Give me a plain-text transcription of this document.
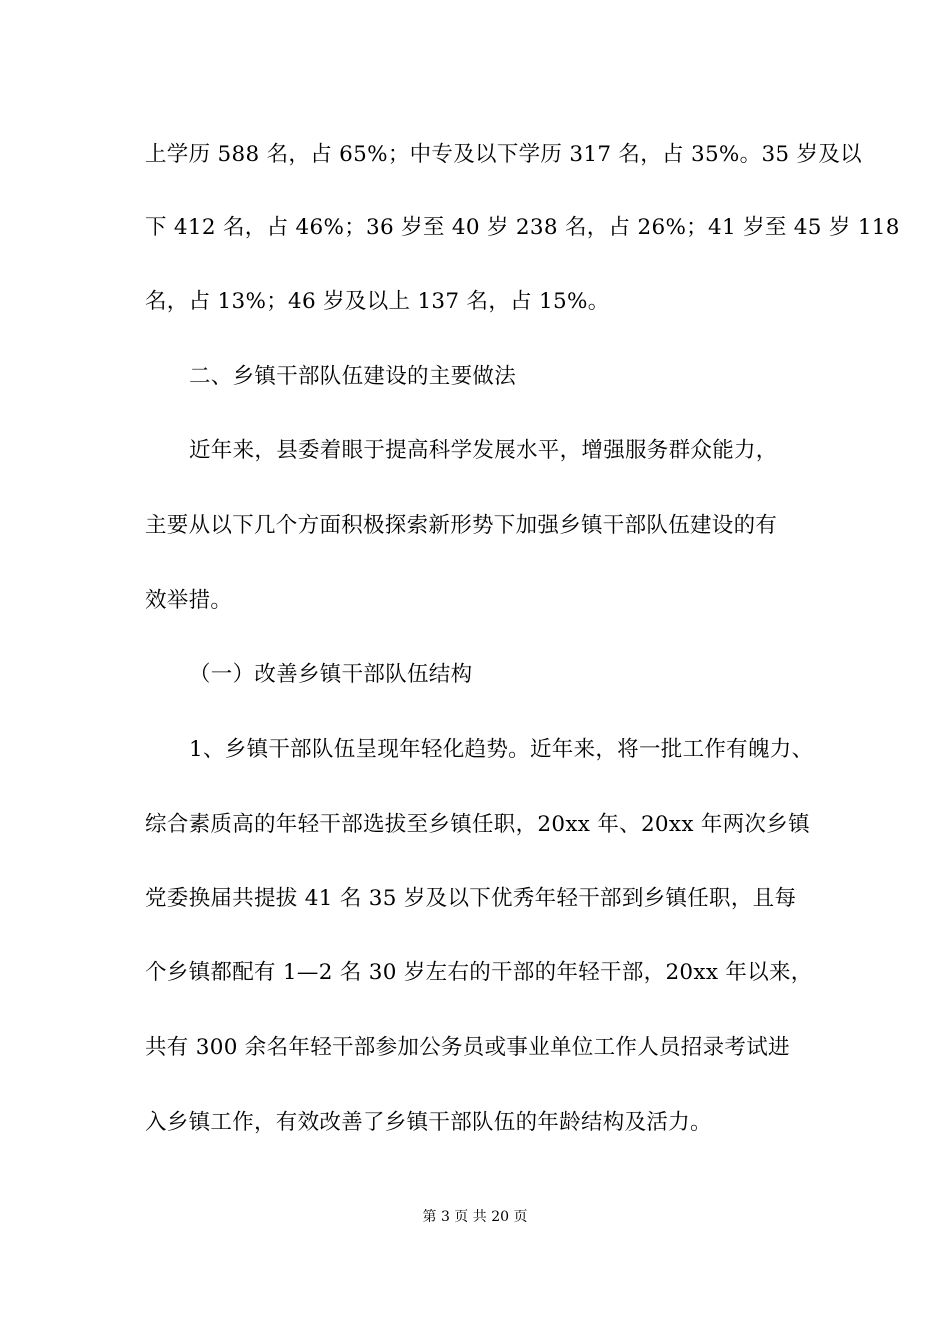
上学历 588 名，占 65%；中专及以下学历 317 名，占 35%。35 岁及以
下 412 名，占 46%；36 岁至 40 岁 238 名，占 26%；41 岁至 45 岁 118
名，占 13%；46 岁及以上 137 名，占 15%。
二、乡镇干部队伍建设的主要做法
近年来，县委着眼于提高科学发展水平，增强服务群众能力，
主要从以下几个方面积极探索新形势下加强乡镇干部队伍建设的有
效举措。
（一）改善乡镇干部队伍结构
1、乡镇干部队伍呈现年轻化趋势。近年来，将一批工作有魄力、
综合素质高的年轻干部选拔至乡镇任职，20xx 年、20xx 年两次乡镇
党委换届共提拔 41 名 35 岁及以下优秀年轻干部到乡镇任职，且每
个乡镇都配有 1—2 名 30 岁左右的干部的年轻干部，20xx 年以来，
共有 300 余名年轻干部参加公务员或事业单位工作人员招录考试进
入乡镇工作，有效改善了乡镇干部队伍的年龄结构及活力。
第 3 页 共 20 页
